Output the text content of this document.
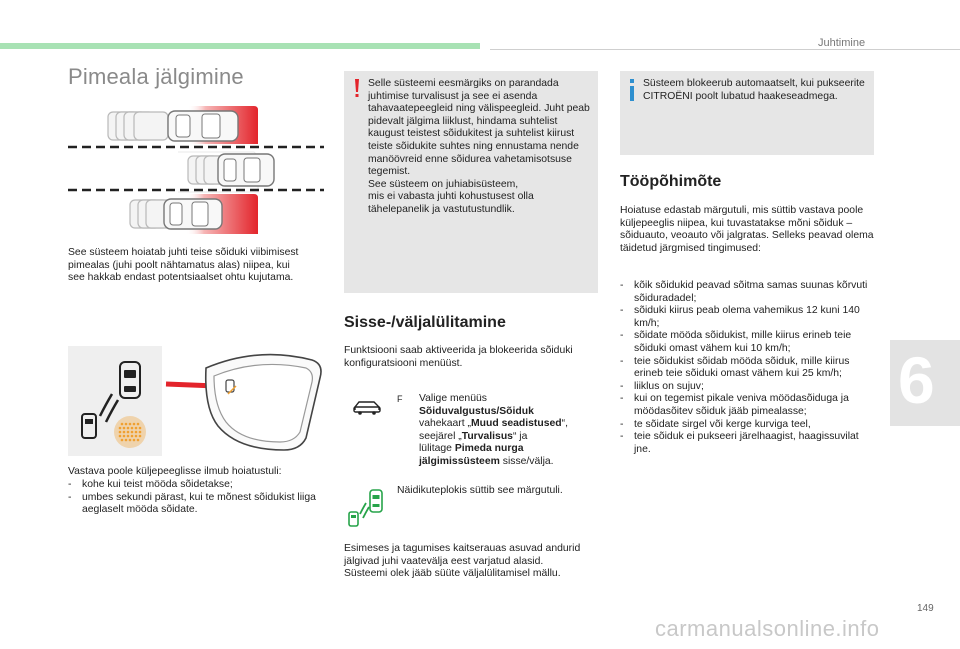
Juhtimine
Pimeala jälgimine
See süsteem hoiatab juhti teise sõiduki viibimisest pimealas (juhi poolt nähtamatus alas) niipea, kui see hakkab endast potentsiaalset ohtu kujutama.
Vastava poole küljepeeglisse ilmub hoiatustuli:
- kohe kui teist mööda sõidetakse;
- umbes sekundi pärast, kui te mõnest sõidukist liiga aeglaselt mööda sõidate.
Selle süsteemi eesmärgiks on parandada juhtimise turvalisust ja see ei asenda tahavaatepeegleid ning välispeegleid. Juht peab pidevalt jälgima liiklust, hindama suhtelist kaugust teistest sõidukitest ja suhtelist kiirust teiste sõidukite suhtes ning ennustama nende manöövreid enne sõidurea vahetamisotsuse tegemist.
See süsteem on juhiabisüsteem,
mis ei vabasta juhti kohustusest olla tähelepanelik ja vastutustundlik.
Sisse-/väljalülitamine
Funktsiooni saab aktiveerida ja blokeerida sõiduki konfiguratsiooni menüüst.
F Valige menüüs
Sõiduvalgustus/Sõiduk
vahekaart „Muud seadistused“,
seejärel „Turvalisus“ ja
lülitage Pimeda nurga
jälgimissüsteem sisse/välja.
Näidikuteplokis süttib see märgutuli.
Esimeses ja tagumises kaitserauas asuvad andurid jälgivad juhi vaatevälja eest varjatud alasid.
Süsteemi olek jääb süüte väljalülitamisel mällu.
Süsteem blokeerub automaatselt, kui pukseerite CITROËNI poolt lubatud haakeseadmega.
Tööpõhimõte
Hoiatuse edastab märgutuli, mis süttib vastava poole küljepeeglis niipea, kui tuvastatakse mõni sõiduk – sõiduauto, veoauto või jalgratas. Selleks peavad olema täidetud järgmised tingimused:
- kõik sõidukid peavad sõitma samas suunas kõrvuti sõiduradadel;
- sõiduki kiirus peab olema vahemikus 12 kuni 140 km/h;
- sõidate mööda sõidukist, mille kiirus erineb teie sõiduki omast vähem kui 10 km/h;
- teie sõidukist sõidab mööda sõiduk, mille kiirus erineb teie sõiduki omast vähem kui 25 km/h;
- liiklus on sujuv;
- kui on tegemist pikale veniva möödasõiduga ja möödasõitev sõiduk jääb pimealasse;
- te sõidate sirgel või kerge kurviga teel,
- teie sõiduk ei pukseeri järelhaagist, haagissuvilat jne.
6
149
carmanualsonline.info
